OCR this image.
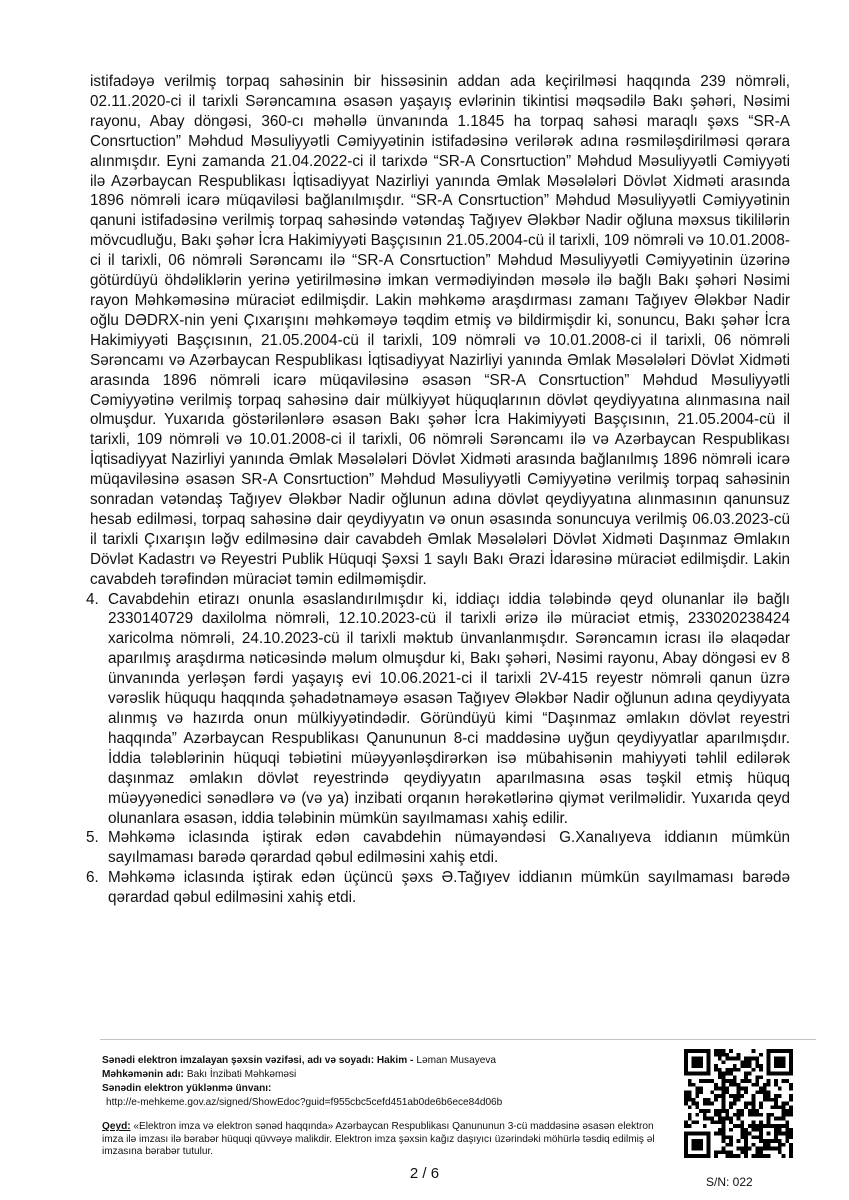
istifadəyə verilmiş torpaq sahəsinin bir hissəsinin addan ada keçirilməsi haqqında 239 nömrəli, 02.11.2020-ci il tarixli Sərəncamına əsasən yaşayış evlərinin tikintisi məqsədilə Bakı şəhəri, Nəsimi rayonu, Abay döngəsi, 360-cı məhəllə ünvanında 1.1845 ha torpaq sahəsi maraqlı şəxs “SR-A Consrtuction” Məhdud Məsuliyyətli Cəmiyyətinin istifadəsinə verilərək adına rəsmiləşdirilməsi qərara alınmışdır. Eyni zamanda 21.04.2022-ci il tarixdə “SR-A Consrtuction” Məhdud Məsuliyyətli Cəmiyyəti ilə Azərbaycan Respublikası İqtisadiyyat Nazirliyi yanında Əmlak Məsələləri Dövlət Xidməti arasında 1896 nömrəli icarə müqaviləsi bağlanılmışdır. “SR-A Consrtuction” Məhdud Məsuliyyətli Cəmiyyətinin qanuni istifadəsinə verilmiş torpaq sahəsində vətəndaş Tağıyev Ələkbər Nadir oğluna məxsus tikililərin mövcudluğu, Bakı şəhər İcra Hakimiyyəti Başçısının 21.05.2004-cü il tarixli, 109 nömrəli və 10.01.2008-ci il tarixli, 06 nömrəli Sərəncamı ilə “SR-A Consrtuction” Məhdud Məsuliyyətli Cəmiyyətinin üzərinə götürdüyü öhdəliklərin yerinə yetirilməsinə imkan vermədiyindən məsələ ilə bağlı Bakı şəhəri Nəsimi rayon Məhkəməsinə müraciət edilmişdir. Lakin məhkəmə araşdırması zamanı Tağıyev Ələkbər Nadir oğlu DƏDRX-nin yeni Çıxarışını məhkəməyə təqdim etmiş və bildirmişdir ki, sonuncu, Bakı şəhər İcra Hakimiyyəti Başçısının, 21.05.2004-cü il tarixli, 109 nömrəli və 10.01.2008-ci il tarixli, 06 nömrəli Sərəncamı və Azərbaycan Respublikası İqtisadiyyat Nazirliyi yanında Əmlak Məsələləri Dövlət Xidməti arasında 1896 nömrəli icarə müqaviləsinə əsasən “SR-A Consrtuction” Məhdud Məsuliyyətli Cəmiyyətinə verilmiş torpaq sahəsinə dair mülkiyyət hüquqlarının dövlət qeydiyyatına alınmasına nail olmuşdur. Yuxarıda göstərilənlərə əsasən Bakı şəhər İcra Hakimiyyəti Başçısının, 21.05.2004-cü il tarixli, 109 nömrəli və 10.01.2008-ci il tarixli, 06 nömrəli Sərəncamı ilə və Azərbaycan Respublikası İqtisadiyyat Nazirliyi yanında Əmlak Məsələləri Dövlət Xidməti arasında bağlanılmış 1896 nömrəli icarə müqaviləsinə əsasən SR-A Consrtuction” Məhdud Məsuliyyətli Cəmiyyətinə verilmiş torpaq sahəsinin sonradan vətəndaş Tağıyev Ələkbər Nadir oğlunun adına dövlət qeydiyyatına alınmasının qanunsuz hesab edilməsi, torpaq sahəsinə dair qeydiyyatın və onun əsasında sonuncuya verilmiş 06.03.2023-cü il tarixli Çıxarışın ləğv edilməsinə dair cavabdeh Əmlak Məsələləri Dövlət Xidməti Daşınmaz Əmlakın Dövlət Kadastrı və Reyestri Publik Hüquqi Şəxsi 1 saylı Bakı Ərazi İdarəsinə müraciət edilmişdir. Lakin cavabdeh tərəfindən müraciət təmin edilməmişdir.

4. Cavabdehin etirazı onunla əsaslandırılmışdır ki, iddiaçı iddia tələbində qeyd olunanlar ilə bağlı 2330140729 daxilolma nömrəli, 12.10.2023-cü il tarixli ərizə ilə müraciət etmiş, 233020238424 xaricolma nömrəli, 24.10.2023-cü il tarixli məktub ünvanlanmışdır. Sərəncamın icrası ilə əlaqədar aparılmış araşdırma nəticəsində məlum olmuşdur ki, Bakı şəhəri, Nəsimi rayonu, Abay döngəsi ev 8 ünvanında yerləşən fərdi yaşayış evi 10.06.2021-ci il tarixli 2V-415 reyestr nömrəli qanun üzrə vərəslik hüququ haqqında şəhadətnaməyə əsasən Tağıyev Ələkbər Nadir oğlunun adına qeydiyyata alınmış və hazırda onun mülkiyyətindədir. Göründüyü kimi “Daşınmaz əmlakın dövlət reyestri haqqında” Azərbaycan Respublikası Qanununun 8-ci maddəsinə uyğun qeydiyyatlar aparılmışdır. İddia tələblərinin hüquqi təbiətini müəyyənləşdirərkən isə mübahisənin mahiyyəti təhlil edilərək daşınmaz əmlakın dövlət reyestrində qeydiyyatın aparılmasına əsas təşkil etmiş hüquq müəyyənedici sənədlərə və (və ya) inzibati orqanın hərəkətlərinə qiymət verilməlidir. Yuxarıda qeyd olunanlara əsasən, iddia tələbinin mümkün sayılmaması xahiş edilir.
5. Məhkəmə iclasında iştirak edən cavabdehin nümayəndəsi G.Xanalıyeva iddianın mümkün sayılmaması barədə qərardad qəbul edilməsini xahiş etdi.
6. Məhkəmə iclasında iştirak edən üçüncü şəxs Ə.Tağıyev iddianın mümkün sayılmaması barədə qərardad qəbul edilməsini xahiş etdi.
Sənədi elektron imzalayan şəxsin vəzifəsi, adı və soyadı: Hakim - Ləman Musayeva
Məhkəmənin adı: Bakı İnzibati Məhkəməsi
Sənədin elektron yüklənmə ünvanı:
http://e-mehkeme.gov.az/signed/ShowEdoc?guid=f955cbc5cefd451ab0de6b6ece84d06b
Qeyd: «Elektron imza və elektron sənəd haqqında» Azərbaycan Respublikası Qanununun 3-cü maddəsinə əsasən elektron imza ilə imzası ilə bərabər hüquqi qüvvəyə malikdir. Elektron imza şəxsin kağız daşıyıcı üzərindəki möhürlə təsdiq edilmiş əl imzasına bərabər tutulur.
S/N: 022
2 / 6
